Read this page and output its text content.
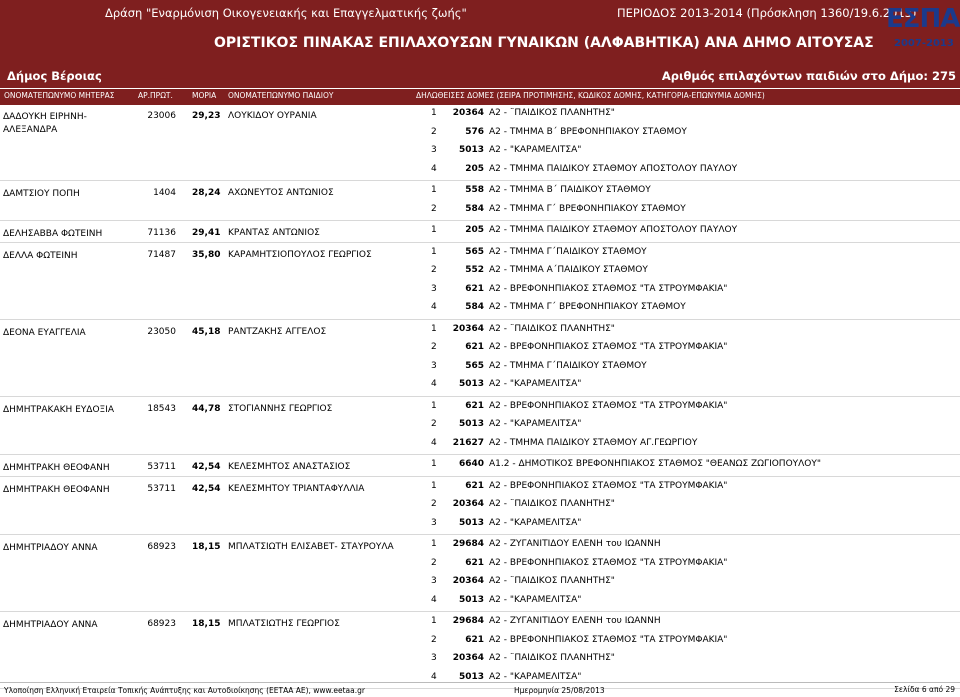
Δράση "Εναρμόνιση Οικογενειακής και Επαγγελματικής ζωής"	ΠΕΡΙΟΔΟΣ 2013-2014 (Πρόσκληση 1360/19.6.2013)
ΟΡΙΣΤΙΚΟΣ ΠΙΝΑΚΑΣ ΕΠΙΛΑΧΟΥΣΩΝ ΓΥΝΑΙΚΩΝ (ΑΛΦΑΒΗΤΙΚΑ) ΑΝΑ ΔΗΜΟ ΑΙΤΟΥΣΑΣ
ΕΣΠΑ
2007-2013
Δήμος Βέροιας	Αριθμός επιλαχόντων παιδιών στο Δήμο: 275
ΟΝΟΜΑΤΕΠΩΝΥΜΟ ΜΗΤΕΡΑΣ	ΑΡ.ΠΡΩΤ.	ΜΟΡΙΑ ΟΝΟΜΑΤΕΠΩΝΥΜΟ ΠΑΙΔΙΟΥ	ΔΗΛΩΘΕΙΣΕΣ ΔΟΜΕΣ (ΣΕΙΡΑ ΠΡΟΤΙΜΗΣΗΣ, ΚΩΔΙΚΟΣ ΔΟΜΗΣ, ΚΑΤΗΓΟΡΙΑ-ΕΠΩΝΥΜΙΑ ΔΟΜΗΣ)
ΔΑΔΟΥΚΗ ΕΙΡΗΝΗ-ΑΛΕΞΑΝΔΡΑ
23006 29,23 ΛΟΥΚΙΔΟΥ ΟΥΡΑΝΙΑ	1 20364 Α2 - ¨ΠΑΙΔΙΚΟΣ ΠΛΑΝΗΤΗΣ"
2	576 Α2 - ΤΜΗΜΑ Β΄ ΒΡΕΦΟΝΗΠΙΑΚΟΥ ΣΤΑΘΜΟΥ
3	5013 Α2 - "ΚΑΡΑΜΕΛΙΤΣΑ"
4	205 Α2 - ΤΜΗΜΑ ΠΑΙΔΙΚΟΥ ΣΤΑΘΜΟΥ ΑΠΟΣΤΟΛΟΥ ΠΑΥΛΟΥ
ΔΑΜΤΣΙΟΥ ΠΟΠΗ	1404 28,24 ΑΧΩΝΕΥΤΟΣ ΑΝΤΩΝΙΟΣ	1	558 Α2 - ΤΜΗΜΑ Β΄ ΠΑΙΔΙΚΟΥ ΣΤΑΘΜΟΥ
2	584 Α2 - ΤΜΗΜΑ Γ΄ ΒΡΕΦΟΝΗΠΙΑΚΟΥ ΣΤΑΘΜΟΥ
ΔΕΛΗΣΑΒΒΑ ΦΩΤΕΙΝΗ	71136 29,41 ΚΡΑΝΤΑΣ ΑΝΤΩΝΙΟΣ	1	205 Α2 - ΤΜΗΜΑ ΠΑΙΔΙΚΟΥ ΣΤΑΘΜΟΥ ΑΠΟΣΤΟΛΟΥ ΠΑΥΛΟΥ
ΔΕΛΛΑ ΦΩΤΕΙΝΗ	71487 35,80 ΚΑΡΑΜΗΤΣΙΟΠΟΥΛΟΣ ΓΕΩΡΓΙΟΣ	1	565 Α2 - ΤΜΗΜΑ Γ΄ΠΑΙΔΙΚΟΥ ΣΤΑΘΜΟΥ
2	552 Α2 - ΤΜΗΜΑ Α΄ΠΑΙΔΙΚΟΥ ΣΤΑΘΜΟΥ
3	621 Α2 - ΒΡΕΦΟΝΗΠΙΑΚΟΣ ΣΤΑΘΜΟΣ "ΤΑ ΣΤΡΟΥΜΦΑΚΙΑ"
4	584 Α2 - ΤΜΗΜΑ Γ΄ ΒΡΕΦΟΝΗΠΙΑΚΟΥ ΣΤΑΘΜΟΥ
ΔΕΟΝΑ ΕΥΑΓΓΕΛΙΑ	23050 45,18 ΡΑΝΤΖΑΚΗΣ ΑΓΓΕΛΟΣ	1 20364 Α2 - ¨ΠΑΙΔΙΚΟΣ ΠΛΑΝΗΤΗΣ"
2	621 Α2 - ΒΡΕΦΟΝΗΠΙΑΚΟΣ ΣΤΑΘΜΟΣ "ΤΑ ΣΤΡΟΥΜΦΑΚΙΑ"
3	565 Α2 - ΤΜΗΜΑ Γ΄ΠΑΙΔΙΚΟΥ ΣΤΑΘΜΟΥ
4	5013 Α2 - "ΚΑΡΑΜΕΛΙΤΣΑ"
ΔΗΜΗΤΡΑΚΑΚΗ ΕΥΔΟΞΙΑ	18543 44,78 ΣΤΟΓΙΑΝΝΗΣ ΓΕΩΡΓΙΟΣ	1	621 Α2 - ΒΡΕΦΟΝΗΠΙΑΚΟΣ ΣΤΑΘΜΟΣ "ΤΑ ΣΤΡΟΥΜΦΑΚΙΑ"
2	5013 Α2 - "ΚΑΡΑΜΕΛΙΤΣΑ"
4 21627 Α2 - ΤΜΗΜΑ ΠΑΙΔΙΚΟΥ ΣΤΑΘΜΟΥ ΑΓ.ΓΕΩΡΓΙΟΥ
ΔΗΜΗΤΡΑΚΗ ΘΕΟΦΑΝΗ	53711 42,54 ΚΕΛΕΣΜΗΤΟΣ ΑΝΑΣΤΑΣΙΟΣ	1	6640 Α1.2 - ΔΗΜΟΤΙΚΟΣ ΒΡΕΦΟΝΗΠΙΑΚΟΣ ΣΤΑΘΜΟΣ "ΘΕΑΝΩΣ ΖΩΓΙΟΠΟΥΛΟΥ"
ΔΗΜΗΤΡΑΚΗ ΘΕΟΦΑΝΗ	53711 42,54 ΚΕΛΕΣΜΗΤΟΥ ΤΡΙΑΝΤΑΦΥΛΛΙΑ	1	621 Α2 - ΒΡΕΦΟΝΗΠΙΑΚΟΣ ΣΤΑΘΜΟΣ "ΤΑ ΣΤΡΟΥΜΦΑΚΙΑ"
2 20364 Α2 - ¨ΠΑΙΔΙΚΟΣ ΠΛΑΝΗΤΗΣ"
3	5013 Α2 - "ΚΑΡΑΜΕΛΙΤΣΑ"
ΔΗΜΗΤΡΙΑΔΟΥ ΑΝΝΑ	68923 18,15 ΜΠΛΑΤΣΙΩΤΗ ΕΛΙΣΑΒΕΤ- ΣΤΑΥΡΟΥΛΑ	1 29684 Α2 - ΖΥΓΑΝΙΤΙΔΟΥ ΕΛΕΝΗ του ΙΩΑΝΝΗ
2	621 Α2 - ΒΡΕΦΟΝΗΠΙΑΚΟΣ ΣΤΑΘΜΟΣ "ΤΑ ΣΤΡΟΥΜΦΑΚΙΑ"
3 20364 Α2 - ¨ΠΑΙΔΙΚΟΣ ΠΛΑΝΗΤΗΣ"
4	5013 Α2 - "ΚΑΡΑΜΕΛΙΤΣΑ"
ΔΗΜΗΤΡΙΑΔΟΥ ΑΝΝΑ	68923 18,15 ΜΠΛΑΤΣΙΩΤΗΣ ΓΕΩΡΓΙΟΣ	1 29684 Α2 - ΖΥΓΑΝΙΤΙΔΟΥ ΕΛΕΝΗ του ΙΩΑΝΝΗ
2	621 Α2 - ΒΡΕΦΟΝΗΠΙΑΚΟΣ ΣΤΑΘΜΟΣ "ΤΑ ΣΤΡΟΥΜΦΑΚΙΑ"
3 20364 Α2 - ¨ΠΑΙΔΙΚΟΣ ΠΛΑΝΗΤΗΣ"
4	5013 Α2 - "ΚΑΡΑΜΕΛΙΤΣΑ"
Υλοποίηση Ελληνική Εταιρεία Τοπικής Ανάπτυξης και Αυτοδιοίκησης (ΕΕΤΑΑ ΑΕ), www.eetaa.gr	Ημερομηνία 25/08/2013	Σελίδα 6 από 29
